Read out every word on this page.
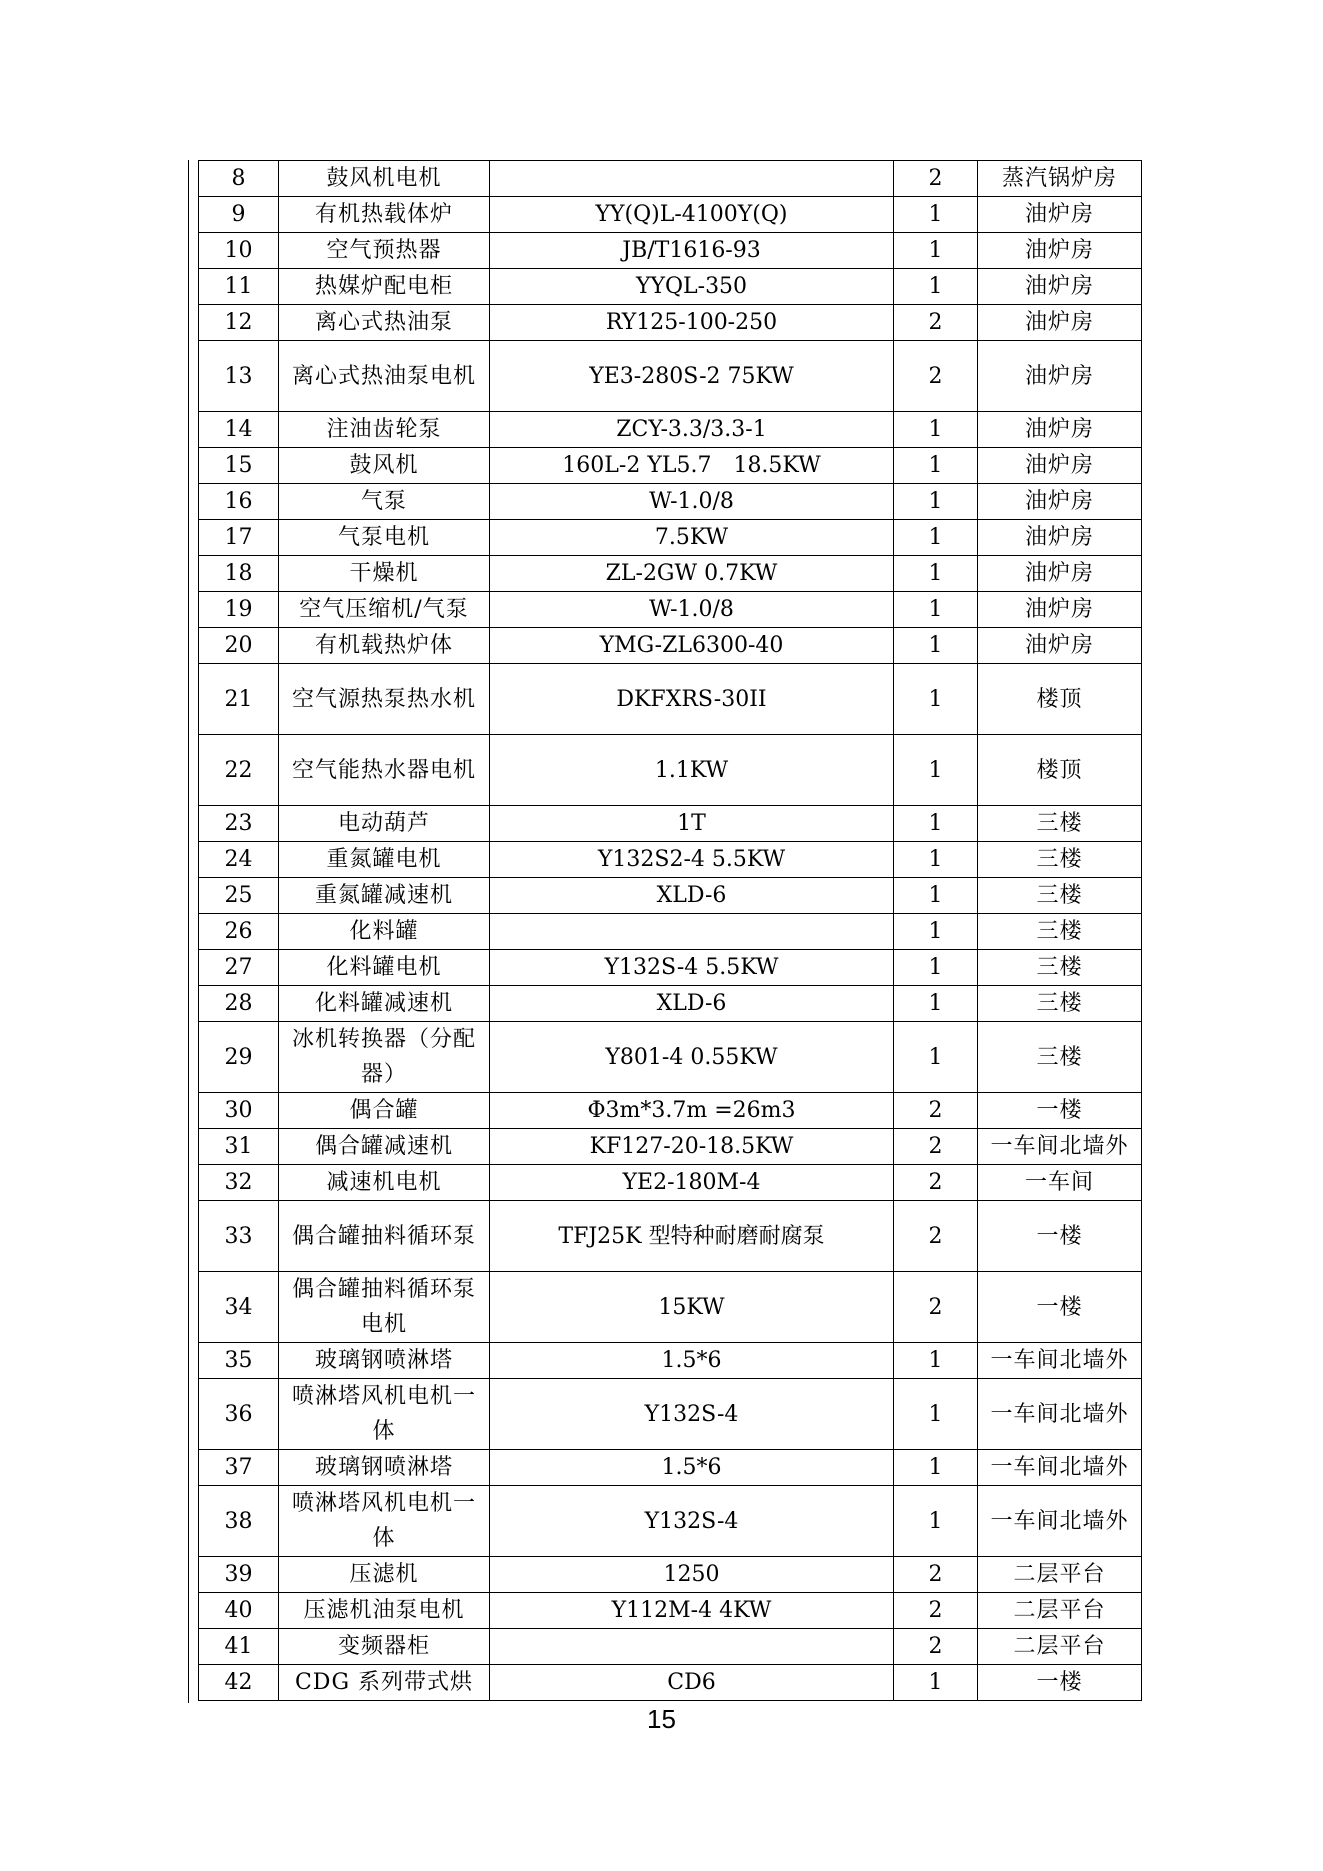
8	鼓风机电机		2	蒸汽锅炉房
9	有机热载体炉	YY(Q)L-4100Y(Q)	1	油炉房
10	空气预热器	JB/T1616-93	1	油炉房
11	热媒炉配电柜	YYQL-350	1	油炉房
12	离心式热油泵	RY125-100-250	2	油炉房
13	离心式热油泵电机	YE3-280S-2 75KW	2	油炉房
14	注油齿轮泵	ZCY-3.3/3.3-1	1	油炉房
15	鼓风机	160L-2 YL5.7　18.5KW	1	油炉房
16	气泵	W-1.0/8	1	油炉房
17	气泵电机	7.5KW	1	油炉房
18	干燥机	ZL-2GW 0.7KW	1	油炉房
19	空气压缩机/气泵	W-1.0/8	1	油炉房
20	有机载热炉体	YMG-ZL6300-40	1	油炉房
21	空气源热泵热水机	DKFXRS-30II	1	楼顶
22	空气能热水器电机	1.1KW	1	楼顶
23	电动葫芦	1T	1	三楼
24	重氮罐电机	Y132S2-4 5.5KW	1	三楼
25	重氮罐减速机	XLD-6	1	三楼
26	化料罐		1	三楼
27	化料罐电机	Y132S-4 5.5KW	1	三楼
28	化料罐减速机	XLD-6	1	三楼
29	冰机转换器（分配器）	Y801-4 0.55KW	1	三楼
30	偶合罐	Φ3m*3.7m =26m3	2	一楼
31	偶合罐减速机	KF127-20-18.5KW	2	一车间北墙外
32	减速机电机	YE2-180M-4	2	一车间
33	偶合罐抽料循环泵	TFJ25K 型特种耐磨耐腐泵	2	一楼
34	偶合罐抽料循环泵电机	15KW	2	一楼
35	玻璃钢喷淋塔	1.5*6	1	一车间北墙外
36	喷淋塔风机电机一体	Y132S-4	1	一车间北墙外
37	玻璃钢喷淋塔	1.5*6	1	一车间北墙外
38	喷淋塔风机电机一体	Y132S-4	1	一车间北墙外
39	压滤机	1250	2	二层平台
40	压滤机油泵电机	Y112M-4 4KW	2	二层平台
41	变频器柜		2	二层平台
42	CDG 系列带式烘	CD6	1	一楼
15
